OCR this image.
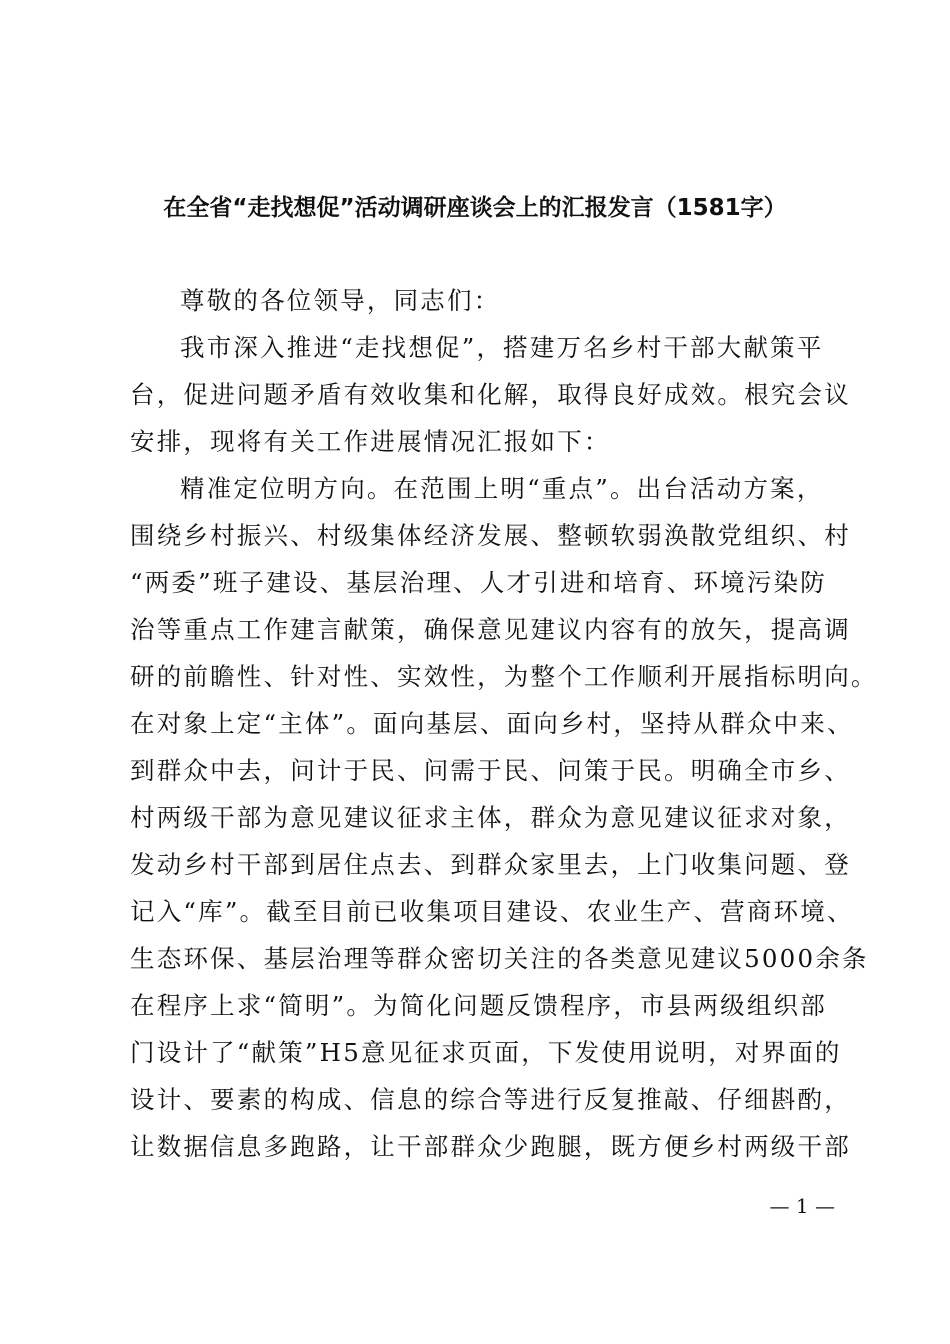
在全省“走找想促”活动调研座谈会上的汇报发言（1581字）
尊敬的各位领导，同志们：
我市深入推进“走找想促”，搭建万名乡村干部大献策平
台，促进问题矛盾有效收集和化解，取得良好成效。根究会议
安排，现将有关工作进展情况汇报如下：
精准定位明方向。在范围上明“重点”。出台活动方案，
围绕乡村振兴、村级集体经济发展、整顿软弱涣散党组织、村
“两委”班子建设、基层治理、人才引进和培育、环境污染防
治等重点工作建言献策，确保意见建议内容有的放矢，提高调
研的前瞻性、针对性、实效性，为整个工作顺利开展指标明向。
在对象上定“主体”。面向基层、面向乡村，坚持从群众中来、
到群众中去，问计于民、问需于民、问策于民。明确全市乡、
村两级干部为意见建议征求主体，群众为意见建议征求对象，
发动乡村干部到居住点去、到群众家里去，上门收集问题、登
记入“库”。截至目前已收集项目建设、农业生产、营商环境、
生态环保、基层治理等群众密切关注的各类意见建议5000余条
在程序上求“简明”。为简化问题反馈程序，市县两级组织部
门设计了“献策”H5意见征求页面，下发使用说明，对界面的
设计、要素的构成、信息的综合等进行反复推敲、仔细斟酌，
让数据信息多跑路，让干部群众少跑腿，既方便乡村两级干部
— 1 —
